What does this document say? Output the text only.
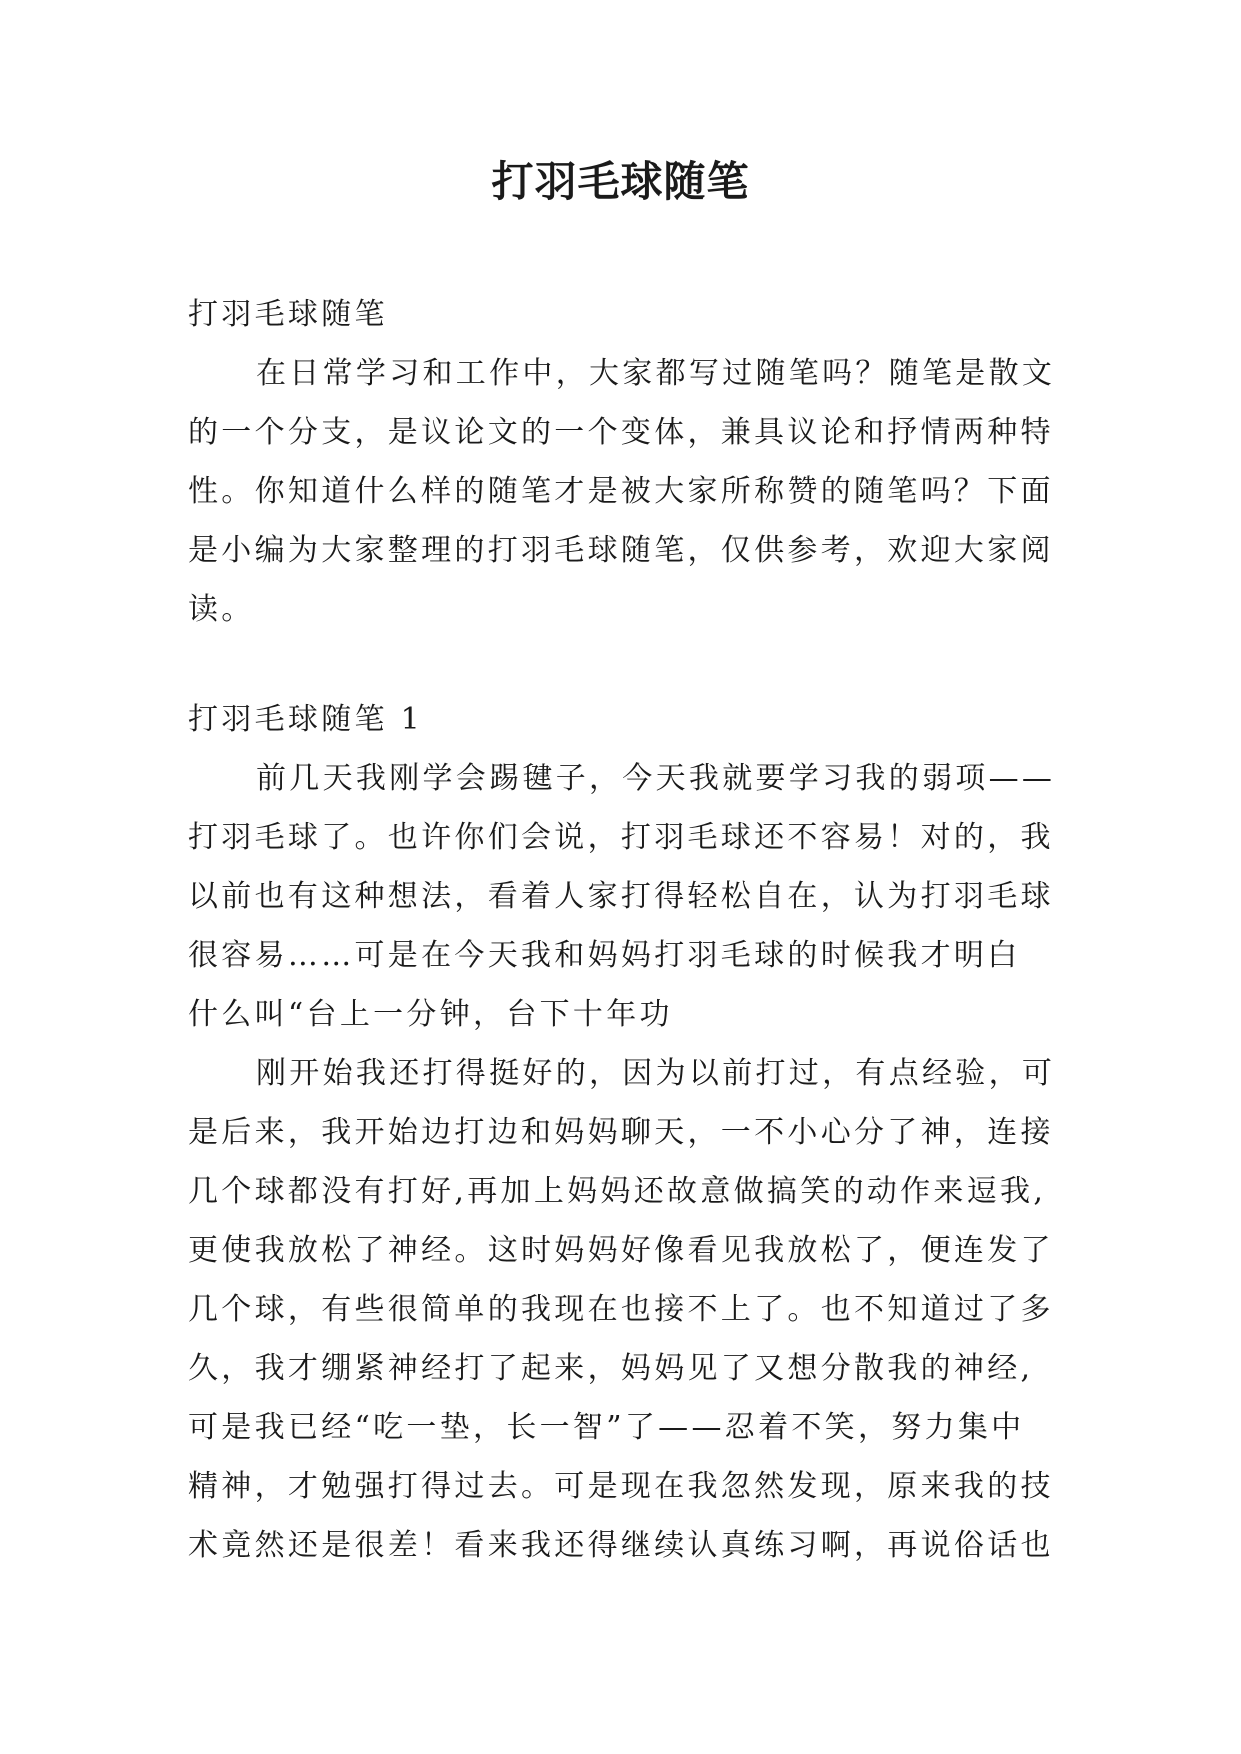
打羽毛球随笔
打羽毛球随笔
在日常学习和工作中，大家都写过随笔吗？随笔是散文
的一个分支，是议论文的一个变体，兼具议论和抒情两种特
性。你知道什么样的随笔才是被大家所称赞的随笔吗？下面
是小编为大家整理的打羽毛球随笔，仅供参考，欢迎大家阅
读。
打羽毛球随笔 1
前几天我刚学会踢毽子，今天我就要学习我的弱项——
打羽毛球了。也许你们会说，打羽毛球还不容易！对的，我
以前也有这种想法，看着人家打得轻松自在，认为打羽毛球
很容易……可是在今天我和妈妈打羽毛球的时候我才明白
什么叫“台上一分钟，台下十年功
刚开始我还打得挺好的，因为以前打过，有点经验，可
是后来，我开始边打边和妈妈聊天，一不小心分了神，连接
几个球都没有打好,再加上妈妈还故意做搞笑的动作来逗我,
更使我放松了神经。这时妈妈好像看见我放松了，便连发了
几个球，有些很简单的我现在也接不上了。也不知道过了多
久，我才绷紧神经打了起来，妈妈见了又想分散我的神经,
可是我已经“吃一垫，长一智”了——忍着不笑，努力集中
精神，才勉强打得过去。可是现在我忽然发现，原来我的技
术竟然还是很差！看来我还得继续认真练习啊，再说俗话也
